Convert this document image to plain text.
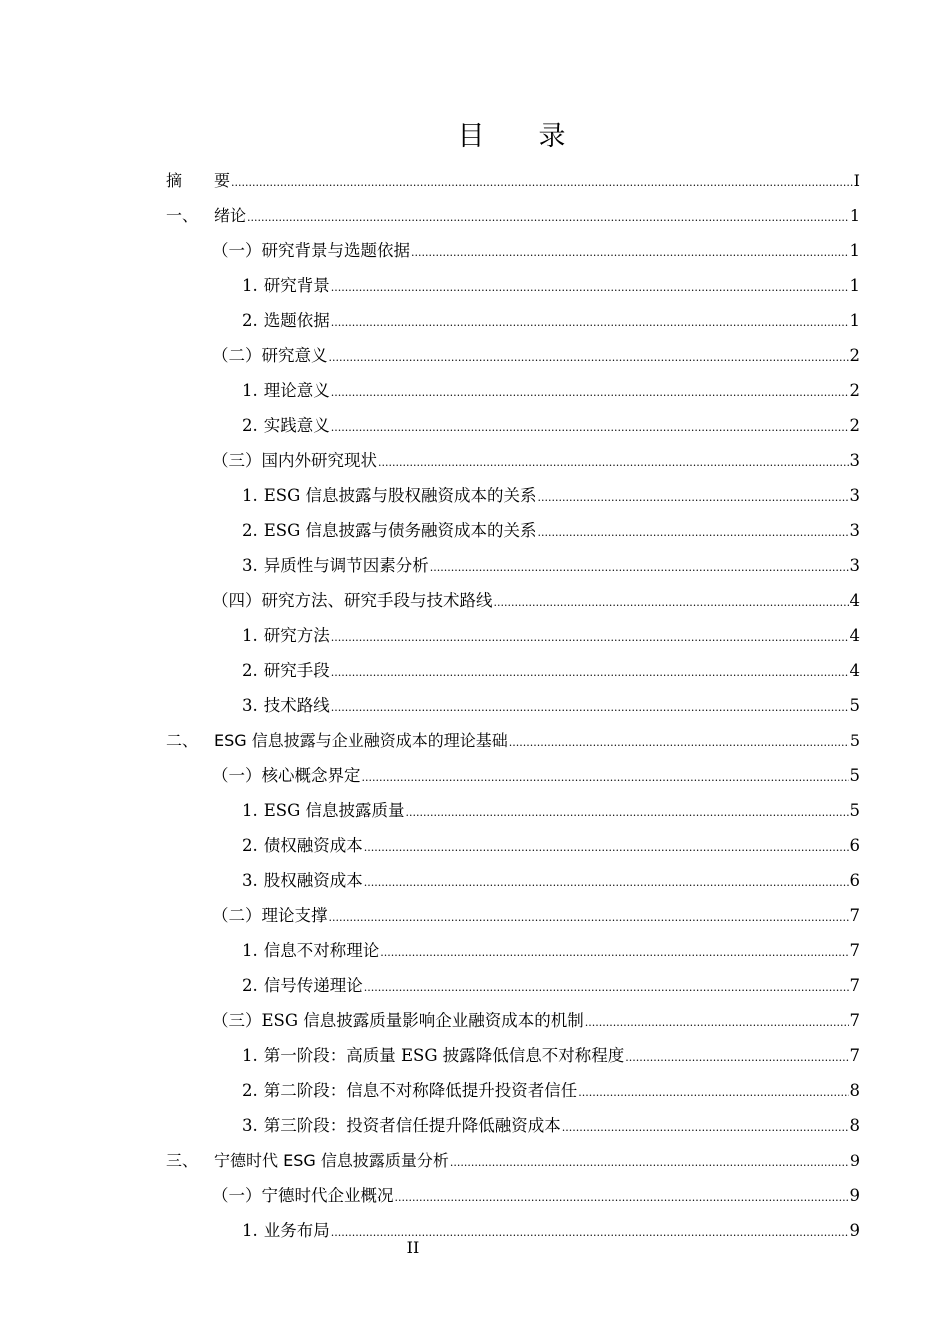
目 录
摘　 要 .....	I
一、 绪论 .....	1
（一） 研究背景与选题依据 .....	1
1. 研究背景 .....	1
2. 选题依据 .....	1
（二） 研究意义 .....	2
1. 理论意义 .....	2
2. 实践意义 .....	2
（三） 国内外研究现状 .....	3
1. ESG 信息披露与股权融资成本的关系 .....	3
2. ESG 信息披露与债务融资成本的关系 .....	3
3. 异质性与调节因素分析 .....	3
（四） 研究方法、研究手段与技术路线 .....	4
1. 研究方法 .....	4
2. 研究手段 .....	4
3. 技术路线 .....	5
二、 ESG 信息披露与企业融资成本的理论基础 .....	5
（一） 核心概念界定 .....	5
1. ESG 信息披露质量 .....	5
2. 债权融资成本 .....	6
3. 股权融资成本 .....	6
（二） 理论支撑 .....	7
1. 信息不对称理论 .....	7
2. 信号传递理论 .....	7
（三） ESG 信息披露质量影响企业融资成本的机制 .....	7
1. 第一阶段：高质量 ESG 披露降低信息不对称程度 .....	7
2. 第二阶段：信息不对称降低提升投资者信任 .....	8
3. 第三阶段：投资者信任提升降低融资成本 .....	8
三、 宁德时代 ESG 信息披露质量分析 .....	9
（一） 宁德时代企业概况 .....	9
1. 业务布局 .....	9
II
